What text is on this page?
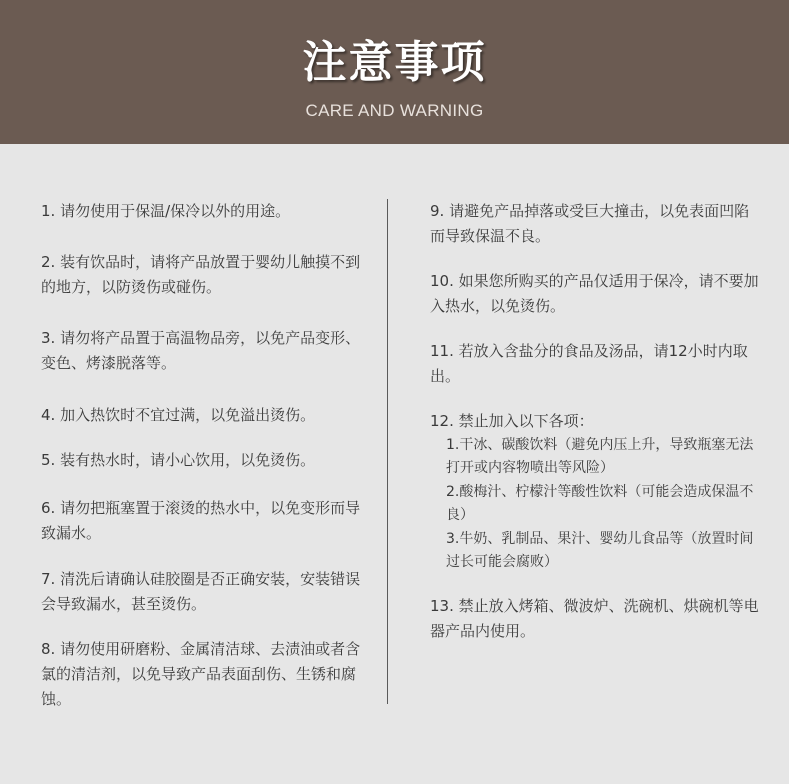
注意事项
CARE AND WARNING
1. 请勿使用于保温/保冷以外的用途。
2. 装有饮品时，请将产品放置于婴幼儿触摸不到的地方，以防烫伤或碰伤。
3. 请勿将产品置于高温物品旁，以免产品变形、变色、烤漆脱落等。
4. 加入热饮时不宜过满，以免溢出烫伤。
5. 装有热水时，请小心饮用，以免烫伤。
6. 请勿把瓶塞置于滚烫的热水中，以免变形而导致漏水。
7. 清洗后请确认硅胶圈是否正确安装，安装错误会导致漏水，甚至烫伤。
8. 请勿使用研磨粉、金属清洁球、去渍油或者含氯的清洁剂，以免导致产品表面刮伤、生锈和腐蚀。
9. 请避免产品掉落或受巨大撞击，以免表面凹陷而导致保温不良。
10. 如果您所购买的产品仅适用于保冷，请不要加入热水，以免烫伤。
11. 若放入含盐分的食品及汤品，请12小时内取出。
12. 禁止加入以下各项：
1.干冰、碳酸饮料（避免内压上升，导致瓶塞无法打开或内容物喷出等风险）
2.酸梅汁、柠檬汁等酸性饮料（可能会造成保温不良）
3.牛奶、乳制品、果汁、婴幼儿食品等（放置时间过长可能会腐败）
13. 禁止放入烤箱、微波炉、洗碗机、烘碗机等电器产品内使用。
